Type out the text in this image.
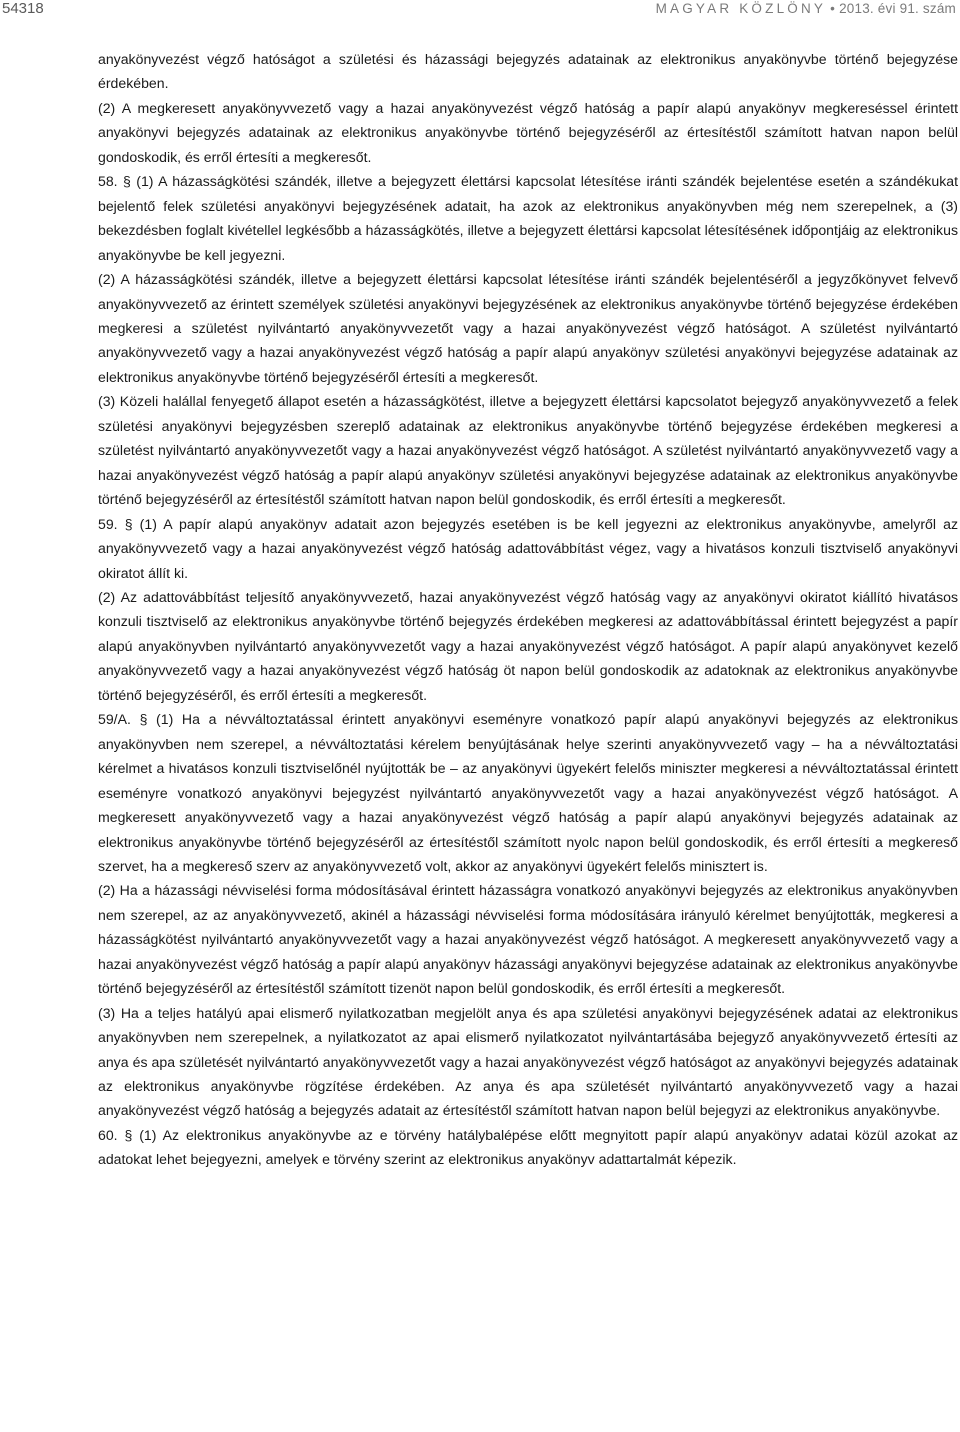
54318	MAGYAR KÖZLÖNY • 2013. évi 91. szám

anyakönyvezést végző hatóságot a születési és házassági bejegyzés adatainak az elektronikus anyakönyvbe történő bejegyzése érdekében.

(2) A megkeresett anyakönyvvezető vagy a hazai anyakönyvezést végző hatóság a papír alapú anyakönyv megkereséssel érintett anyakönyvi bejegyzés adatainak az elektronikus anyakönyvbe történő bejegyzéséről az értesítéstől számított hatvan napon belül gondoskodik, és erről értesíti a megkeresőt.

58. § (1) A házasságkötési szándék, illetve a bejegyzett élettársi kapcsolat létesítése iránti szándék bejelentése esetén a szándékukat bejelentő felek születési anyakönyvi bejegyzésének adatait, ha azok az elektronikus anyakönyvben még nem szerepelnek, a (3) bekezdésben foglalt kivétellel legkésőbb a házasságkötés, illetve a bejegyzett élettársi kapcsolat létesítésének időpontjáig az elektronikus anyakönyvbe be kell jegyezni.

(2) A házasságkötési szándék, illetve a bejegyzett élettársi kapcsolat létesítése iránti szándék bejelentéséről a jegyzőkönyvet felvevő anyakönyvvezető az érintett személyek születési anyakönyvi bejegyzésének az elektronikus anyakönyvbe történő bejegyzése érdekében megkeresi a születést nyilvántartó anyakönyvvezetőt vagy a hazai anyakönyvezést végző hatóságot. A születést nyilvántartó anyakönyvvezető vagy a hazai anyakönyvezést végző hatóság a papír alapú anyakönyv születési anyakönyvi bejegyzése adatainak az elektronikus anyakönyvbe történő bejegyzéséről értesíti a megkeresőt.

(3) Közeli halállal fenyegető állapot esetén a házasságkötést, illetve a bejegyzett élettársi kapcsolatot bejegyző anyakönyvvezető a felek születési anyakönyvi bejegyzésben szereplő adatainak az elektronikus anyakönyvbe történő bejegyzése érdekében megkeresi a születést nyilvántartó anyakönyvvezetőt vagy a hazai anyakönyvezést végző hatóságot. A születést nyilvántartó anyakönyvvezető vagy a hazai anyakönyvezést végző hatóság a papír alapú anyakönyv születési anyakönyvi bejegyzése adatainak az elektronikus anyakönyvbe történő bejegyzéséről az értesítéstől számított hatvan napon belül gondoskodik, és erről értesíti a megkeresőt.

59. § (1) A papír alapú anyakönyv adatait azon bejegyzés esetében is be kell jegyezni az elektronikus anyakönyvbe, amelyről az anyakönyvvezető vagy a hazai anyakönyvezést végző hatóság adattovábbítást végez, vagy a hivatásos konzuli tisztviselő anyakönyvi okiratot állít ki.

(2) Az adattovábbítást teljesítő anyakönyvvezető, hazai anyakönyvezést végző hatóság vagy az anyakönyvi okiratot kiállító hivatásos konzuli tisztviselő az elektronikus anyakönyvbe történő bejegyzés érdekében megkeresi az adattovábbítással érintett bejegyzést a papír alapú anyakönyvben nyilvántartó anyakönyvvezetőt vagy a hazai anyakönyvezést végző hatóságot. A papír alapú anyakönyvet kezelő anyakönyvvezető vagy a hazai anyakönyvezést végző hatóság öt napon belül gondoskodik az adatoknak az elektronikus anyakönyvbe történő bejegyzéséről, és erről értesíti a megkeresőt.

59/A. § (1) Ha a névváltoztatással érintett anyakönyvi eseményre vonatkozó papír alapú anyakönyvi bejegyzés az elektronikus anyakönyvben nem szerepel, a névváltoztatási kérelem benyújtásának helye szerinti anyakönyvvezető vagy – ha a névváltoztatási kérelmet a hivatásos konzuli tisztviselőnél nyújtották be – az anyakönyvi ügyekért felelős miniszter megkeresi a névváltoztatással érintett eseményre vonatkozó anyakönyvi bejegyzést nyilvántartó anyakönyvvezetőt vagy a hazai anyakönyvezést végző hatóságot. A megkeresett anyakönyvvezető vagy a hazai anyakönyvezést végző hatóság a papír alapú anyakönyvi bejegyzés adatainak az elektronikus anyakönyvbe történő bejegyzéséről az értesítéstől számított nyolc napon belül gondoskodik, és erről értesíti a megkereső szervet, ha a megkereső szerv az anyakönyvvezető volt, akkor az anyakönyvi ügyekért felelős minisztert is.

(2) Ha a házassági névviselési forma módosításával érintett házasságra vonatkozó anyakönyvi bejegyzés az elektronikus anyakönyvben nem szerepel, az az anyakönyvvezető, akinél a házassági névviselési forma módosítására irányuló kérelmet benyújtották, megkeresi a házasságkötést nyilvántartó anyakönyvvezetőt vagy a hazai anyakönyvezést végző hatóságot. A megkeresett anyakönyvvezető vagy a hazai anyakönyvezést végző hatóság a papír alapú anyakönyv házassági anyakönyvi bejegyzése adatainak az elektronikus anyakönyvbe történő bejegyzéséről az értesítéstől számított tizenöt napon belül gondoskodik, és erről értesíti a megkeresőt.

(3) Ha a teljes hatályú apai elismerő nyilatkozatban megjelölt anya és apa születési anyakönyvi bejegyzésének adatai az elektronikus anyakönyvben nem szerepelnek, a nyilatkozatot az apai elismerő nyilatkozatot nyilvántartásába bejegyző anyakönyvvezető értesíti az anya és apa születését nyilvántartó anyakönyvvezetőt vagy a hazai anyakönyvezést végző hatóságot az anyakönyvi bejegyzés adatainak az elektronikus anyakönyvbe rögzítése érdekében. Az anya és apa születését nyilvántartó anyakönyvvezető vagy a hazai anyakönyvezést végző hatóság a bejegyzés adatait az értesítéstől számított hatvan napon belül bejegyzi az elektronikus anyakönyvbe.

60. § (1) Az elektronikus anyakönyvbe az e törvény hatálybalépése előtt megnyitott papír alapú anyakönyv adatai közül azokat az adatokat lehet bejegyezni, amelyek e törvény szerint az elektronikus anyakönyv adattartalmát képezik.
